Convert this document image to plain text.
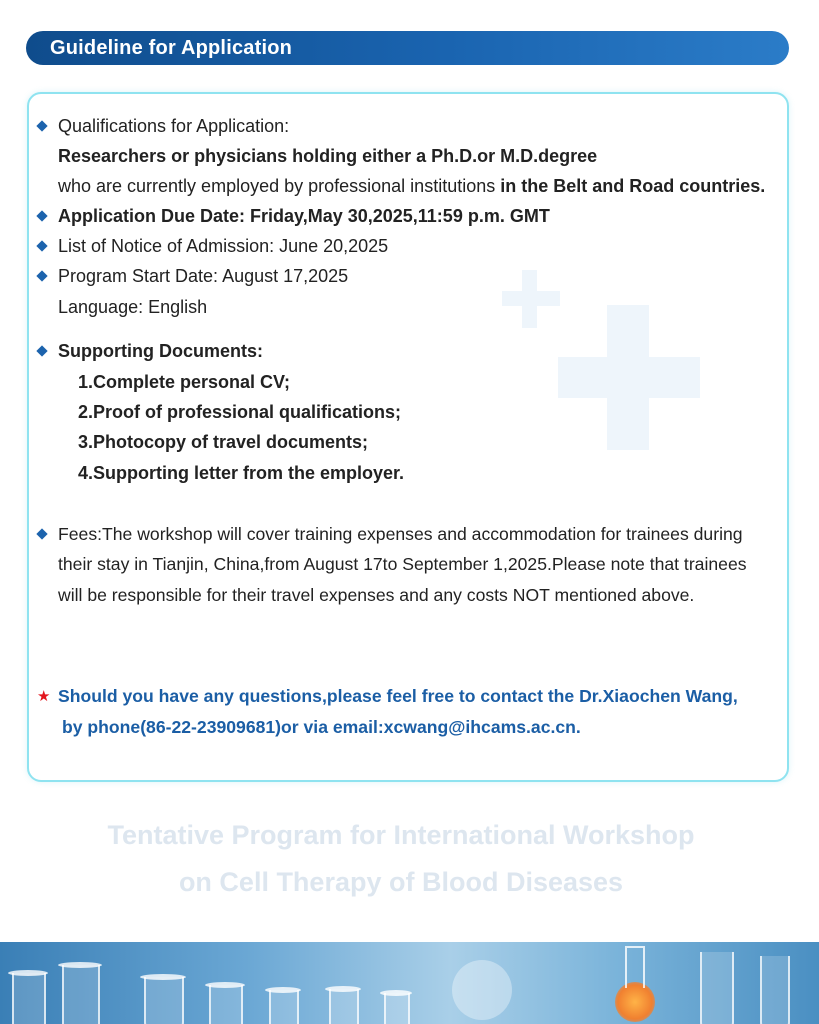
Guideline for Application
Qualifications for Application:
Researchers or physicians holding either a Ph.D.or M.D.degree
who are currently employed by professional institutions in the Belt and Road countries.
Application Due Date: Friday,May 30,2025,11:59 p.m. GMT
List of Notice of Admission: June 20,2025
Program Start Date: August 17,2025
Language: English
Supporting Documents:
1.Complete personal CV;
2.Proof of professional qualifications;
3.Photocopy of travel documents;
4.Supporting letter from the employer.
Fees:The workshop will cover training expenses and accommodation for trainees during
their stay in Tianjin, China,from August 17to September 1,2025.Please note that trainees
will be responsible for their travel expenses and any costs NOT mentioned above.
★ Should you have any questions,please feel free to contact the Dr.Xiaochen Wang,
by phone(86-22-23909681)or via email:xcwang@ihcams.ac.cn.
Tentative Program for International Workshop
on Cell Therapy of Blood Diseases
